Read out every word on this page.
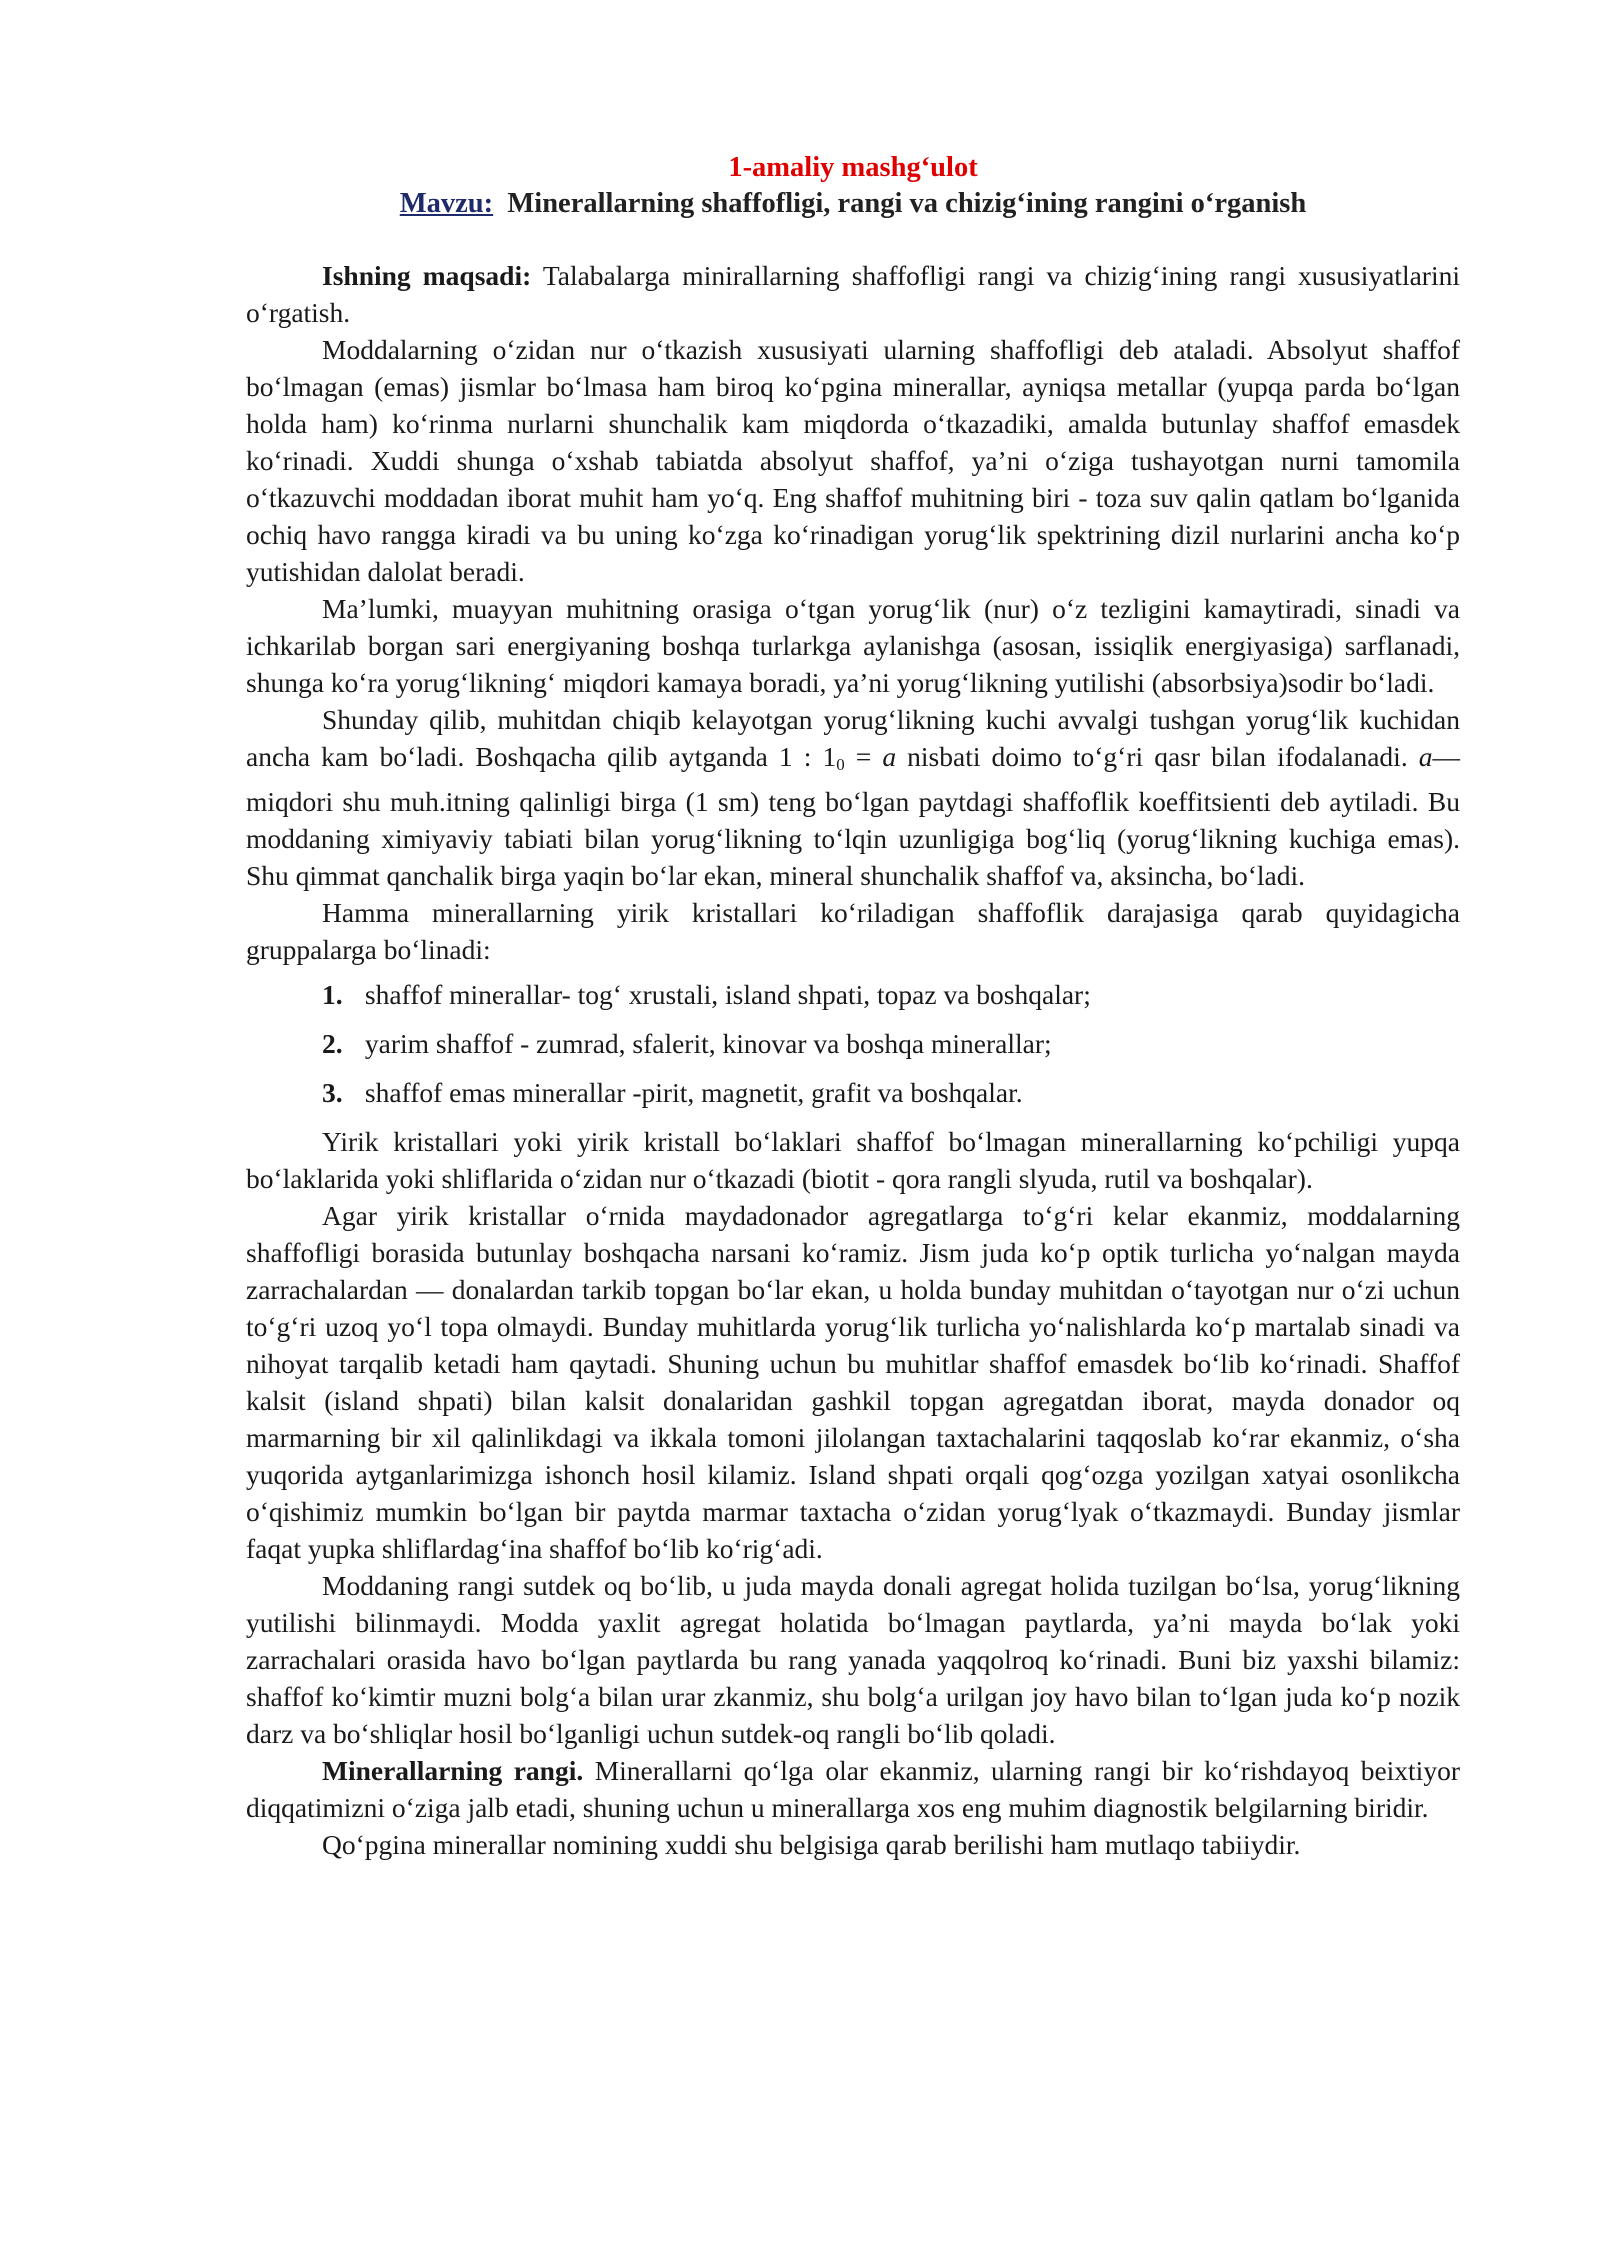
1-amaliy mashg‘ulot
Mavzu: Minerallarning shaffofligi, rangi va chizig‘ining rangini o‘rganish

Ishning maqsadi: Talabalarga minirallarning shaffofligi rangi va chizig‘ining rangi xususiyatlarini o‘rgatish.

Moddalarning o‘zidan nur o‘tkazish xususiyati ularning shaffofligi deb ataladi. Absolyut shaffof bo‘lmagan (emas) jismlar bo‘lmasa ham biroq ko‘pgina minerallar, ayniqsa metallar (yupqa parda bo‘lgan holda ham) ko‘rinma nurlarni shunchalik kam miqdorda o‘tkazadiki, amalda butunlay shaffof emasdek ko‘rinadi. Xuddi shunga o‘xshab tabiatda absolyut shaffof, ya’ni o‘ziga tushayotgan nurni tamomila o‘tkazuvchi moddadan iborat muhit ham yo‘q. Eng shaffof muhitning biri - toza suv qalin qatlam bo‘lganida ochiq havo rangga kiradi va bu uning ko‘zga ko‘rinadigan yorug‘lik spektrining dizil nurlarini ancha ko‘p yutishidan dalolat beradi.

Ma’lumki, muayyan muhitning orasiga o‘tgan yorug‘lik (nur) o‘z tezligini kamaytiradi, sinadi va ichkarilab borgan sari energiyaning boshqa turlarkga aylanishga (asosan, issiqlik energiyasiga) sarflanadi, shunga ko‘ra yorug‘likning‘ miqdori kamaya boradi, ya’ni yorug‘likning yutilishi (absorbsiya)sodir bo‘ladi.

Shunday qilib, muhitdan chiqib kelayotgan yorug‘likning kuchi avvalgi tushgan yorug‘lik kuchidan ancha kam bo‘ladi. Boshqacha qilib aytganda 1 : $1_0 = a$ nisbati doimo to‘g‘ri qasr bilan ifodalanadi. a—miqdori shu muh.itning qalinligi birga (1 sm) teng bo‘lgan paytdagi shaffoflik koeffitsienti deb aytiladi. Bu moddaning ximiyaviy tabiati bilan yorug‘likning to‘lqin uzunligiga bog‘liq (yorug‘likning kuchiga emas). Shu qimmat qanchalik birga yaqin bo‘lar ekan, mineral shunchalik shaffof va, aksincha, bo‘ladi.

Hamma minerallarning yirik kristallari ko‘riladigan shaffoflik darajasiga qarab quyidagicha gruppalarga bo‘linadi:

1. shaffof minerallar- tog‘ xrustali, island shpati, topaz va boshqalar;
2. yarim shaffof - zumrad, sfalerit, kinovar va boshqa minerallar;
3. shaffof emas minerallar -pirit, magnetit, grafit va boshqalar.

Yirik kristallari yoki yirik kristall bo‘laklari shaffof bo‘lmagan minerallarning ko‘pchiligi yupqa bo‘laklarida yoki shliflarida o‘zidan nur o‘tkazadi (biotit - qora rangli slyuda, rutil va boshqalar).

Agar yirik kristallar o‘rnida maydadonador agregatlarga to‘g‘ri kelar ekanmiz, moddalarning shaffofligi borasida butunlay boshqacha narsani ko‘ramiz. Jism juda ko‘p optik turlicha yo‘nalgan mayda zarrachalardan — donalardan tarkib topgan bo‘lar ekan, u holda bunday muhitdan o‘tayotgan nur o‘zi uchun to‘g‘ri uzoq yo‘l topa olmaydi. Bunday muhitlarda yorug‘lik turlicha yo‘nalishlarda ko‘p martalab sinadi va nihoyat tarqalib ketadi ham qaytadi. Shuning uchun bu muhitlar shaffof emasdek bo‘lib ko‘rinadi. Shaffof kalsit (island shpati) bilan kalsit donalaridan gashkil topgan agregatdan iborat, mayda donador oq marmarning bir xil qalinlikdagi va ikkala tomoni jilolangan taxtachalarini taqqoslab ko‘rar ekanmiz, o‘sha yuqorida aytganlarimizga ishonch hosil kilamiz. Island shpati orqali qog‘ozga yozilgan xatyai osonlikcha o‘qishimiz mumkin bo‘lgan bir paytda marmar taxtacha o‘zidan yorug‘lyak o‘tkazmaydi. Bunday jismlar faqat yupka shliflardag‘ina shaffof bo‘lib ko‘rig‘adi.

Moddaning rangi sutdek oq bo‘lib, u juda mayda donali agregat holida tuzilgan bo‘lsa, yorug‘likning yutilishi bilinmaydi. Modda yaxlit agregat holatida bo‘lmagan paytlarda, ya’ni mayda bo‘lak yoki zarrachalari orasida havo bo‘lgan paytlarda bu rang yanada yaqqolroq ko‘rinadi. Buni biz yaxshi bilamiz: shaffof ko‘kimtir muzni bolg‘a bilan urar zkanmiz, shu bolg‘a urilgan joy havo bilan to‘lgan juda ko‘p nozik darz va bo‘shliqlar hosil bo‘lganligi uchun sutdek-oq rangli bo‘lib qoladi.

Minerallarning rangi. Minerallarni qo‘lga olar ekanmiz, ularning rangi bir ko‘rishdayoq beixtiyor diqqatimizni o‘ziga jalb etadi, shuning uchun u minerallarga xos eng muhim diagnostik belgilarning biridir.

Qo‘pgina minerallar nomining xuddi shu belgisiga qarab berilishi ham mutlaqo tabiiydir.
